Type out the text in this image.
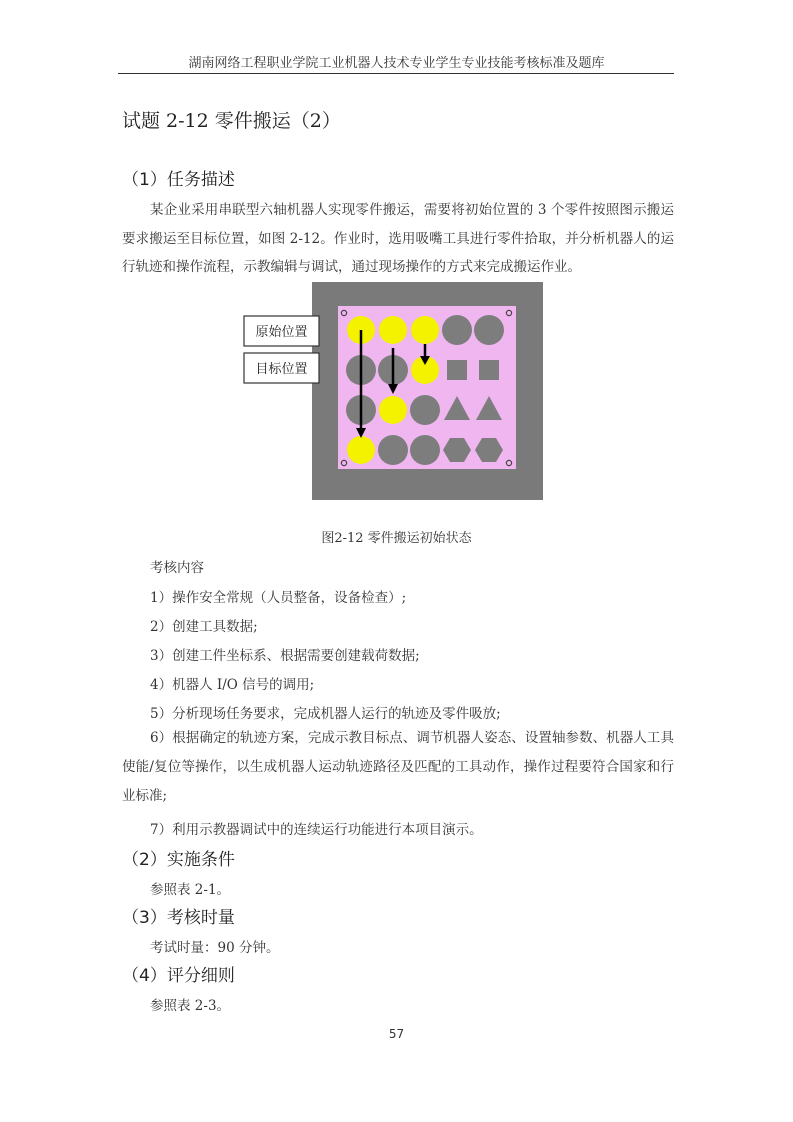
湖南网络工程职业学院工业机器人技术专业学生专业技能考核标准及题库
试题 2-12 零件搬运（2）
（1）任务描述

某企业采用串联型六轴机器人实现零件搬运，需要将初始位置的 3 个零件按照图示搬运要求搬运至目标位置，如图 2-12。作业时，选用吸嘴工具进行零件拾取，并分析机器人的运行轨迹和操作流程，示教编辑与调试，通过现场操作的方式来完成搬运作业。

原始位置
目标位置
图2-12 零件搬运初始状态
考核内容
1）操作安全常规（人员整备，设备检查）;
2）创建工具数据;
3）创建工件坐标系、根据需要创建载荷数据;
4）机器人 I/O 信号的调用;
5）分析现场任务要求，完成机器人运行的轨迹及零件吸放;

6）根据确定的轨迹方案，完成示教目标点、调节机器人姿态、设置轴参数、机器人工具使能/复位等操作，以生成机器人运动轨迹路径及匹配的工具动作，操作过程要符合国家和行业标准;

7）利用示教器调试中的连续运行功能进行本项目演示。
（2）实施条件
参照表 2-1。
（3）考核时量
考试时量：90 分钟。
（4）评分细则
参照表 2-3。
57
